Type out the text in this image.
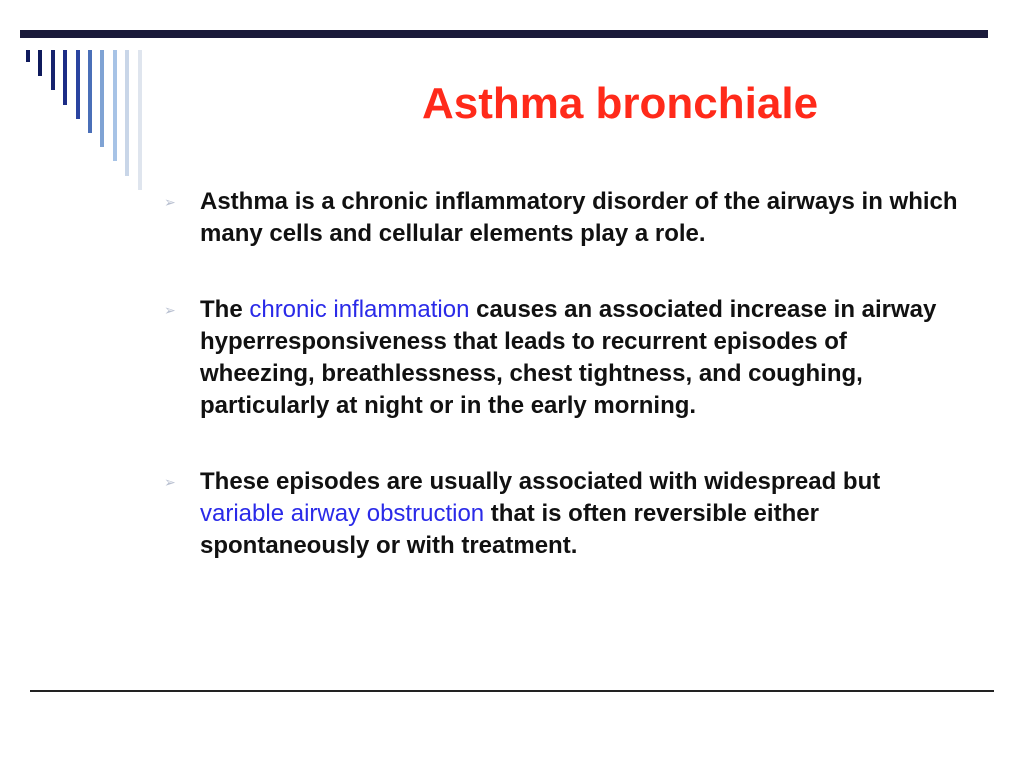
Asthma bronchiale
➢ Asthma is a chronic inflammatory disorder of the airways in which many cells and cellular elements play a role.
➢ The chronic inflammation causes an associated increase in airway hyperresponsiveness that leads to recurrent episodes of wheezing, breathlessness, chest tightness, and coughing, particularly at night or in the early morning.
➢ These episodes are usually associated with widespread but variable airway obstruction that is often reversible either spontaneously or with treatment.
